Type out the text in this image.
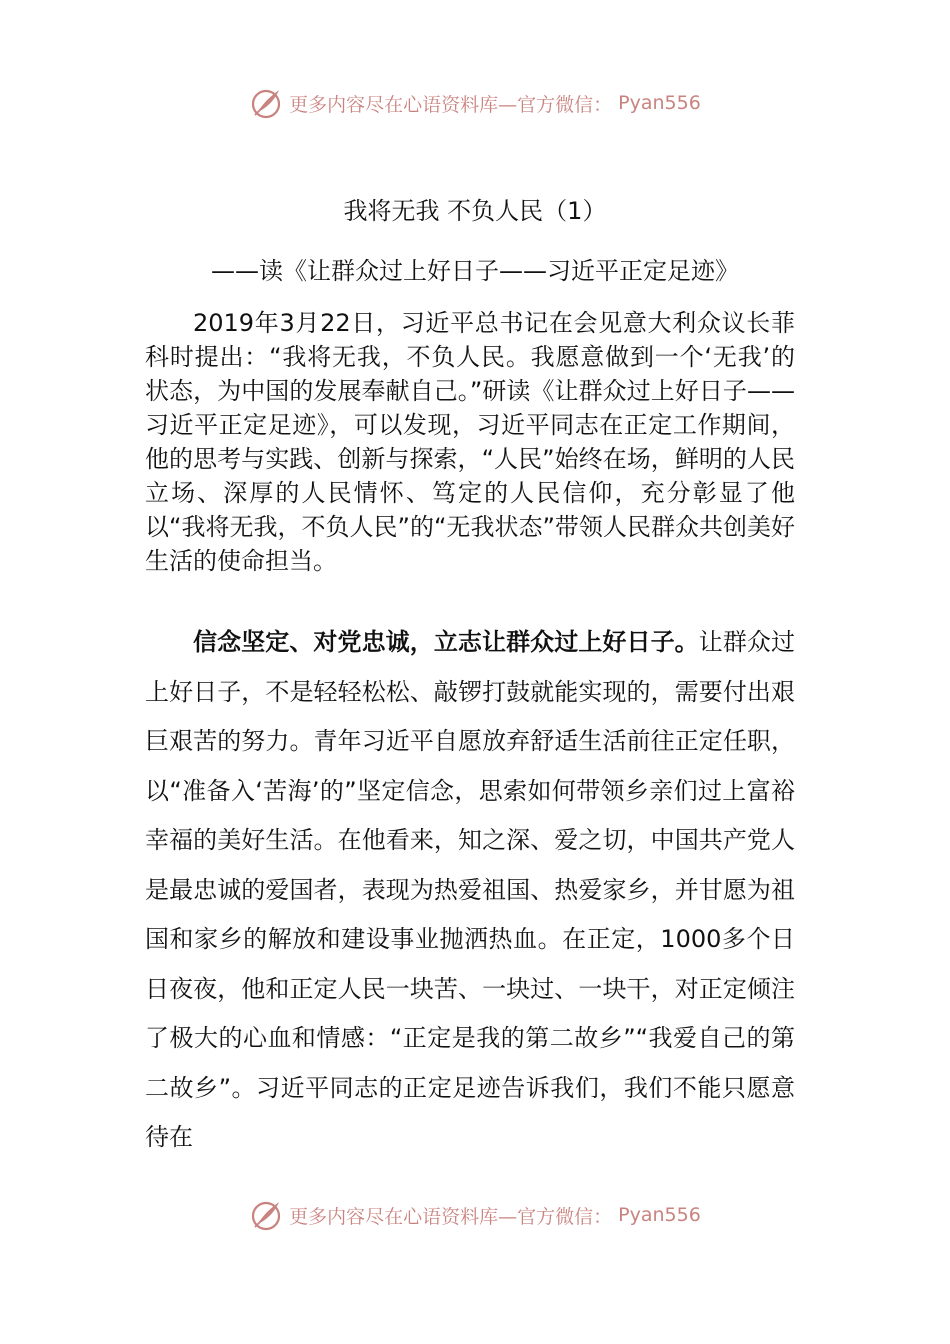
更多内容尽在心语资料库—官方微信： Pyan556
我将无我 不负人民（1）
——读《让群众过上好日子——习近平正定足迹》

2019年3月22日，习近平总书记在会见意大利众议长菲科时提出：“我将无我，不负人民。我愿意做到一个‘无我’的状态，为中国的发展奉献自己。”研读《让群众过上好日子——习近平正定足迹》，可以发现，习近平同志在正定工作期间，他的思考与实践、创新与探索，“人民”始终在场，鲜明的人民立场、深厚的人民情怀、笃定的人民信仰，充分彰显了他以“我将无我，不负人民”的“无我状态”带领人民群众共创美好生活的使命担当。

信念坚定、对党忠诚，立志让群众过上好日子。让群众过上好日子，不是轻轻松松、敲锣打鼓就能实现的，需要付出艰巨艰苦的努力。青年习近平自愿放弃舒适生活前往正定任职，以“准备入‘苦海’的”坚定信念，思索如何带领乡亲们过上富裕幸福的美好生活。在他看来，知之深、爱之切，中国共产党人是最忠诚的爱国者，表现为热爱祖国、热爱家乡，并甘愿为祖国和家乡的解放和建设事业抛洒热血。在正定，1000多个日日夜夜，他和正定人民一块苦、一块过、一块干，对正定倾注了极大的心血和情感：“正定是我的第二故乡”“我爱自己的第二故乡”。习近平同志的正定足迹告诉我们，我们不能只愿意待在

更多内容尽在心语资料库—官方微信： Pyan556
